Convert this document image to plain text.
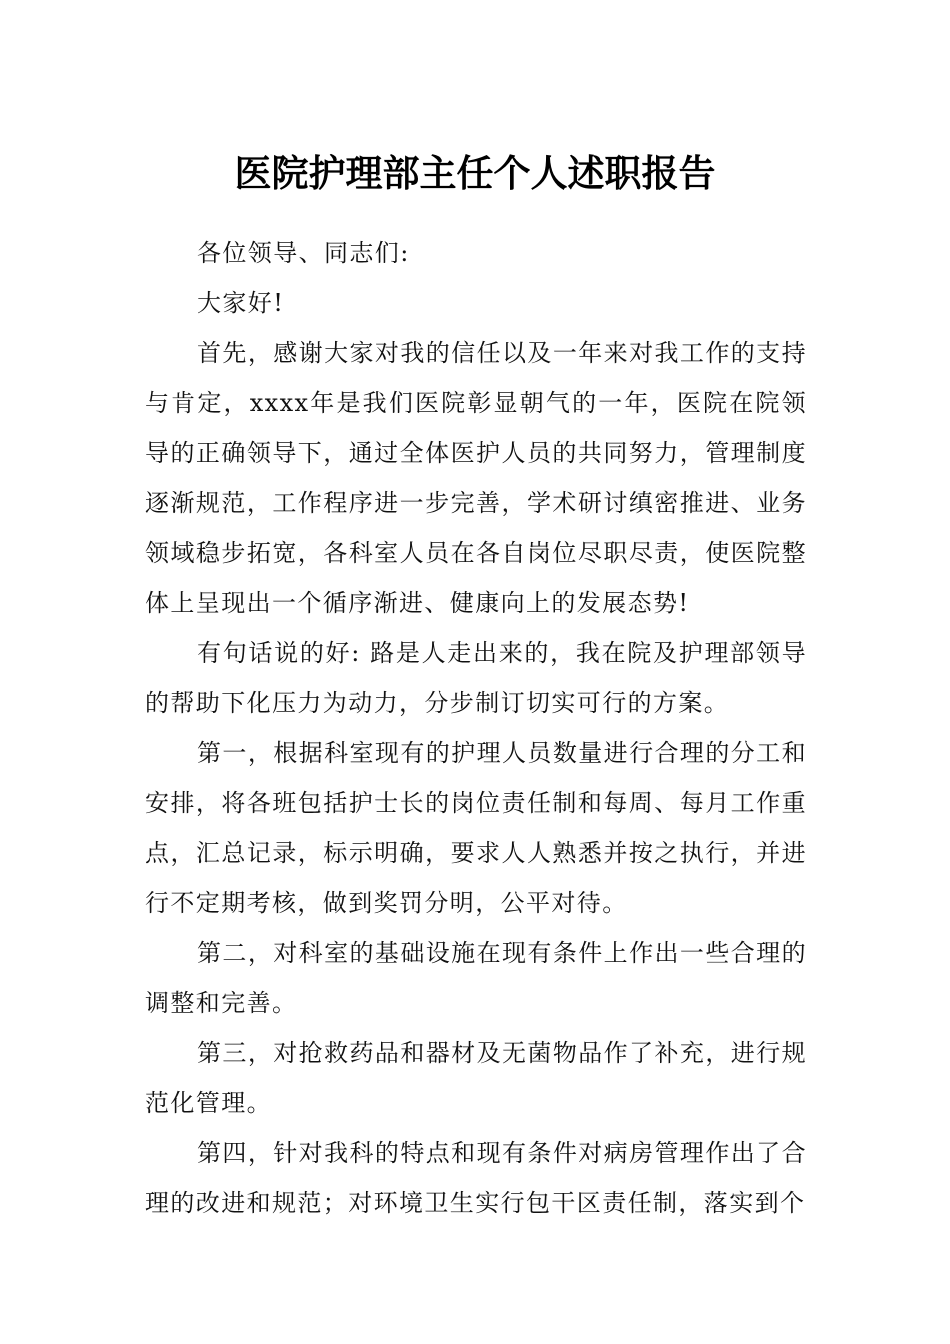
医院护理部主任个人述职报告

各位领导、同志们:

大家好!

首先，感谢大家对我的信任以及一年来对我工作的支持与肯定，xxxx年是我们医院彰显朝气的一年，医院在院领导的正确领导下，通过全体医护人员的共同努力，管理制度逐渐规范，工作程序进一步完善，学术研讨缜密推进、业务领域稳步拓宽，各科室人员在各自岗位尽职尽责，使医院整体上呈现出一个循序渐进、健康向上的发展态势!

有句话说的好: 路是人走出来的，我在院及护理部领导的帮助下化压力为动力，分步制订切实可行的方案。

第一，根据科室现有的护理人员数量进行合理的分工和安排，将各班包括护士长的岗位责任制和每周、每月工作重点，汇总记录，标示明确，要求人人熟悉并按之执行，并进行不定期考核，做到奖罚分明，公平对待。

第二，对科室的基础设施在现有条件上作出一些合理的调整和完善。

第三，对抢救药品和器材及无菌物品作了补充，进行规范化管理。

第四，针对我科的特点和现有条件对病房管理作出了合理的改进和规范；对环境卫生实行包干区责任制，落实到个
